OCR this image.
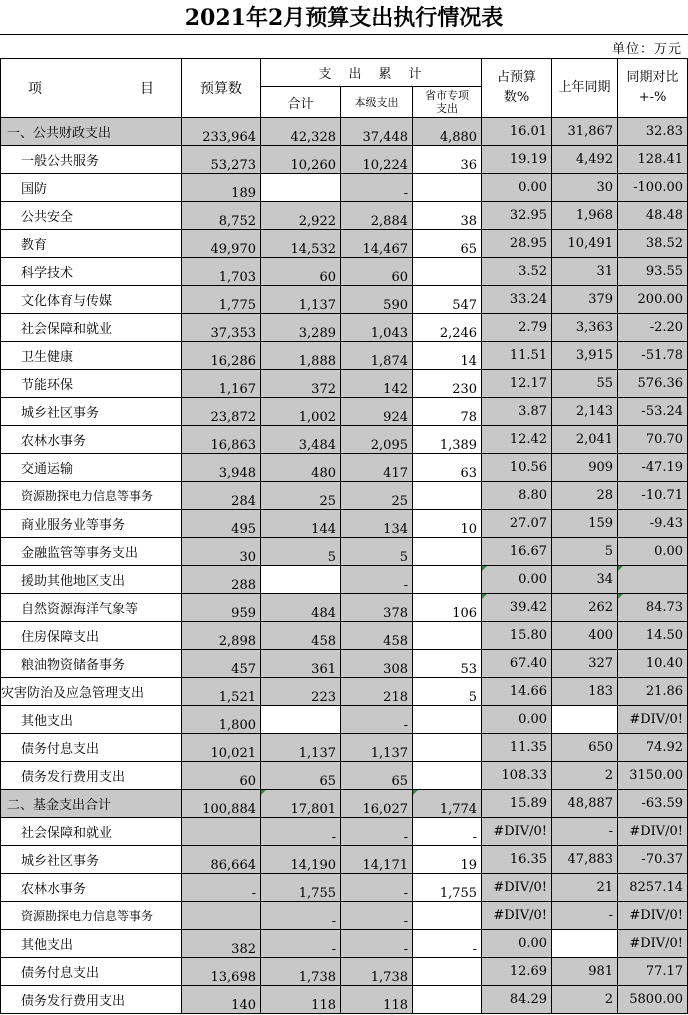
2021年2月预算支出执行情况表
单位：万元
项　　　　　　　目	预算数	支　出　累　计			占预算数%	上年同期	同期对比+-%
		合计	本级支出	省市专项支出			
一、公共财政支出	233,964	42,328	37,448	4,880	16.01	31,867	32.83
一般公共服务	53,273	10,260	10,224	36	19.19	4,492	128.41
国防	189		-		0.00	30	-100.00
公共安全	8,752	2,922	2,884	38	32.95	1,968	48.48
教育	49,970	14,532	14,467	65	28.95	10,491	38.52
科学技术	1,703	60	60		3.52	31	93.55
文化体育与传媒	1,775	1,137	590	547	33.24	379	200.00
社会保障和就业	37,353	3,289	1,043	2,246	2.79	3,363	-2.20
卫生健康	16,286	1,888	1,874	14	11.51	3,915	-51.78
节能环保	1,167	372	142	230	12.17	55	576.36
城乡社区事务	23,872	1,002	924	78	3.87	2,143	-53.24
农林水事务	16,863	3,484	2,095	1,389	12.42	2,041	70.70
交通运输	3,948	480	417	63	10.56	909	-47.19
资源勘探电力信息等事务	284	25	25		8.80	28	-10.71
商业服务业等事务	495	144	134	10	27.07	159	-9.43
金融监管等事务支出	30	5	5		16.67	5	0.00
援助其他地区支出	288		-		0.00	34	
自然资源海洋气象等	959	484	378	106	39.42	262	84.73
住房保障支出	2,898	458	458		15.80	400	14.50
粮油物资储备事务	457	361	308	53	67.40	327	10.40
灾害防治及应急管理支出	1,521	223	218	5	14.66	183	21.86
其他支出	1,800		-		0.00		#DIV/0!
债务付息支出	10,021	1,137	1,137		11.35	650	74.92
债务发行费用支出	60	65	65		108.33	2	3150.00
二、基金支出合计	100,884	17,801	16,027	1,774	15.89	48,887	-63.59
社会保障和就业		-	-	-	#DIV/0!	-	#DIV/0!
城乡社区事务	86,664	14,190	14,171	19	16.35	47,883	-70.37
农林水事务	-	1,755	-	1,755	#DIV/0!	21	8257.14
资源勘探电力信息等事务		-	-		#DIV/0!	-	#DIV/0!
其他支出	382	-	-	-	0.00		#DIV/0!
债务付息支出	13,698	1,738	1,738		12.69	981	77.17
债务发行费用支出	140	118	118		84.29	2	5800.00
